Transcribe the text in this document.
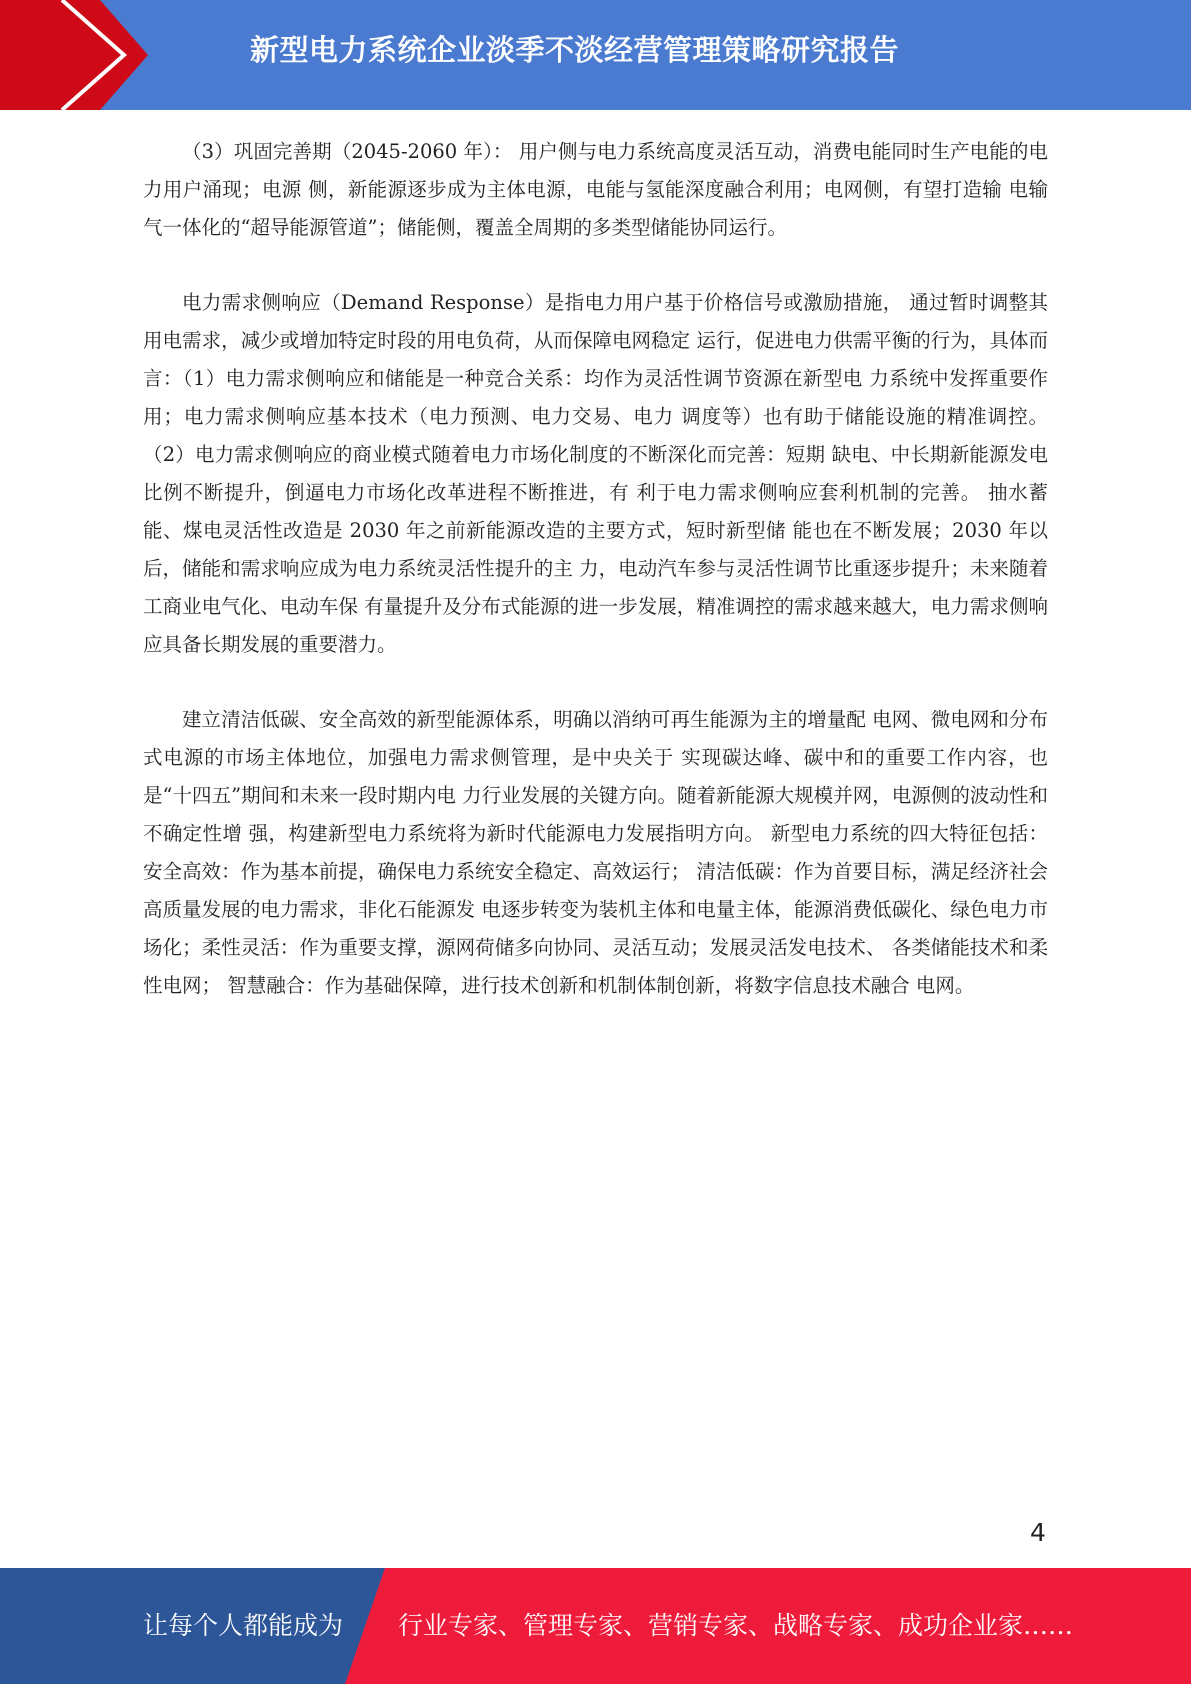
新型电力系统企业淡季不淡经营管理策略研究报告

（3）巩固完善期（2045-2060 年）： 用户侧与电力系统高度灵活互动，消费电能同时生产电能的电力用户涌现；电源 侧，新能源逐步成为主体电源，电能与氢能深度融合利用；电网侧，有望打造输 电输气一体化的“超导能源管道”；储能侧，覆盖全周期的多类型储能协同运行。

电力需求侧响应（Demand Response）是指电力用户基于价格信号或激励措施， 通过暂时调整其用电需求，减少或增加特定时段的用电负荷，从而保障电网稳定 运行，促进电力供需平衡的行为，具体而言：（1）电力需求侧响应和储能是一种竞合关系：均作为灵活性调节资源在新型电 力系统中发挥重要作用；电力需求侧响应基本技术（电力预测、电力交易、电力 调度等）也有助于储能设施的精准调控。 （2）电力需求侧响应的商业模式随着电力市场化制度的不断深化而完善：短期 缺电、中长期新能源发电比例不断提升，倒逼电力市场化改革进程不断推进，有 利于电力需求侧响应套利机制的完善。 抽水蓄能、煤电灵活性改造是 2030 年之前新能源改造的主要方式，短时新型储 能也在不断发展；2030 年以后，储能和需求响应成为电力系统灵活性提升的主 力，电动汽车参与灵活性调节比重逐步提升；未来随着工商业电气化、电动车保 有量提升及分布式能源的进一步发展，精准调控的需求越来越大，电力需求侧响 应具备长期发展的重要潜力。

建立清洁低碳、安全高效的新型能源体系，明确以消纳可再生能源为主的增量配 电网、微电网和分布式电源的市场主体地位，加强电力需求侧管理，是中央关于 实现碳达峰、碳中和的重要工作内容，也是“十四五”期间和未来一段时期内电 力行业发展的关键方向。随着新能源大规模并网，电源侧的波动性和不确定性增 强，构建新型电力系统将为新时代能源电力发展指明方向。 新型电力系统的四大特征包括： 安全高效：作为基本前提，确保电力系统安全稳定、高效运行； 清洁低碳：作为首要目标，满足经济社会高质量发展的电力需求，非化石能源发 电逐步转变为装机主体和电量主体，能源消费低碳化、绿色电力市场化；柔性灵活：作为重要支撑，源网荷储多向协同、灵活互动；发展灵活发电技术、 各类储能技术和柔性电网； 智慧融合：作为基础保障，进行技术创新和机制体制创新，将数字信息技术融合 电网。

4
让每个人都能成为 行业专家、管理专家、营销专家、战略专家、成功企业家……
